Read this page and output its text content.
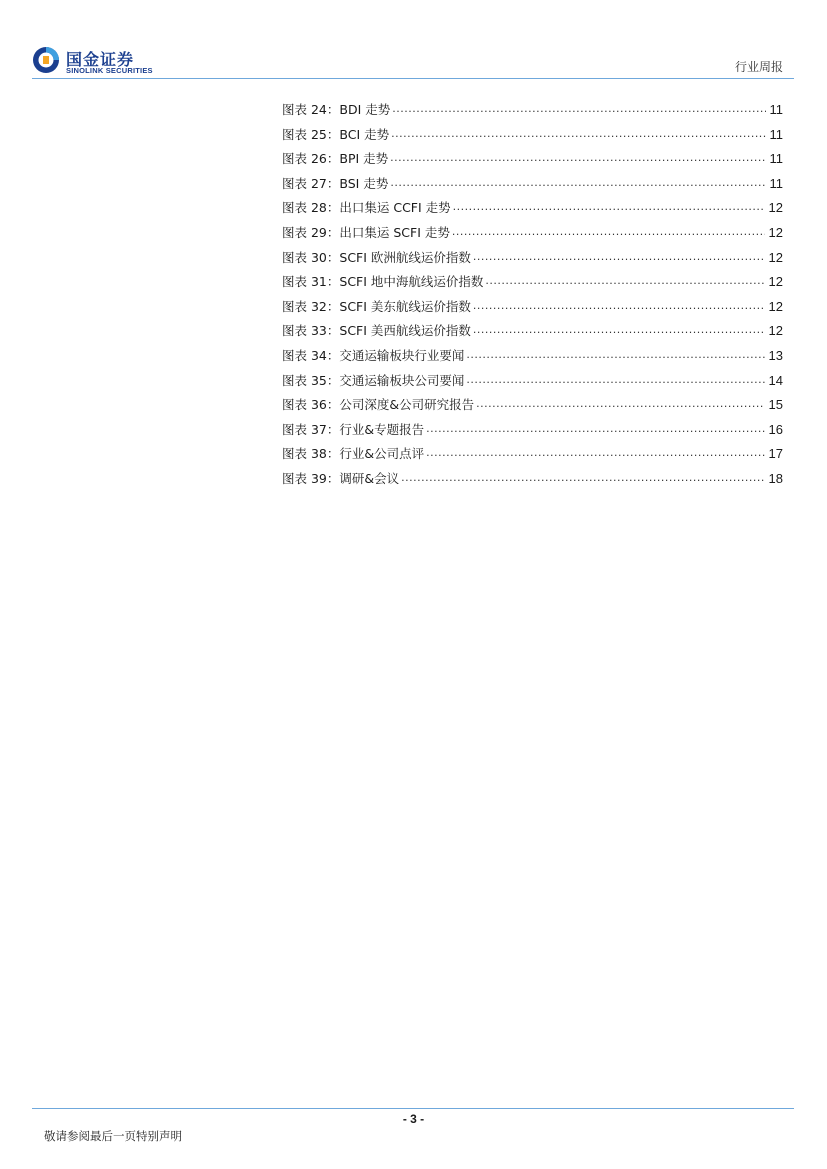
国金证券
SINOLINK SECURITIES	行业周报
图表 24：BDI 走势 .....	11
图表 25：BCI 走势 .....	11
图表 26：BPI 走势 .....	11
图表 27：BSI 走势 .....	11
图表 28：出口集运 CCFI 走势 .....	12
图表 29：出口集运 SCFI 走势 .....	12
图表 30：SCFI 欧洲航线运价指数 .....	12
图表 31：SCFI 地中海航线运价指数 .....	12
图表 32：SCFI 美东航线运价指数 .....	12
图表 33：SCFI 美西航线运价指数 .....	12
图表 34：交通运输板块行业要闻 .....	13
图表 35：交通运输板块公司要闻 .....	14
图表 36：公司深度&公司研究报告 .....	15
图表 37：行业&专题报告 .....	16
图表 38：行业&公司点评 .....	17
图表 39：调研&会议 .....	18
- 3 -
敬请参阅最后一页特别声明
